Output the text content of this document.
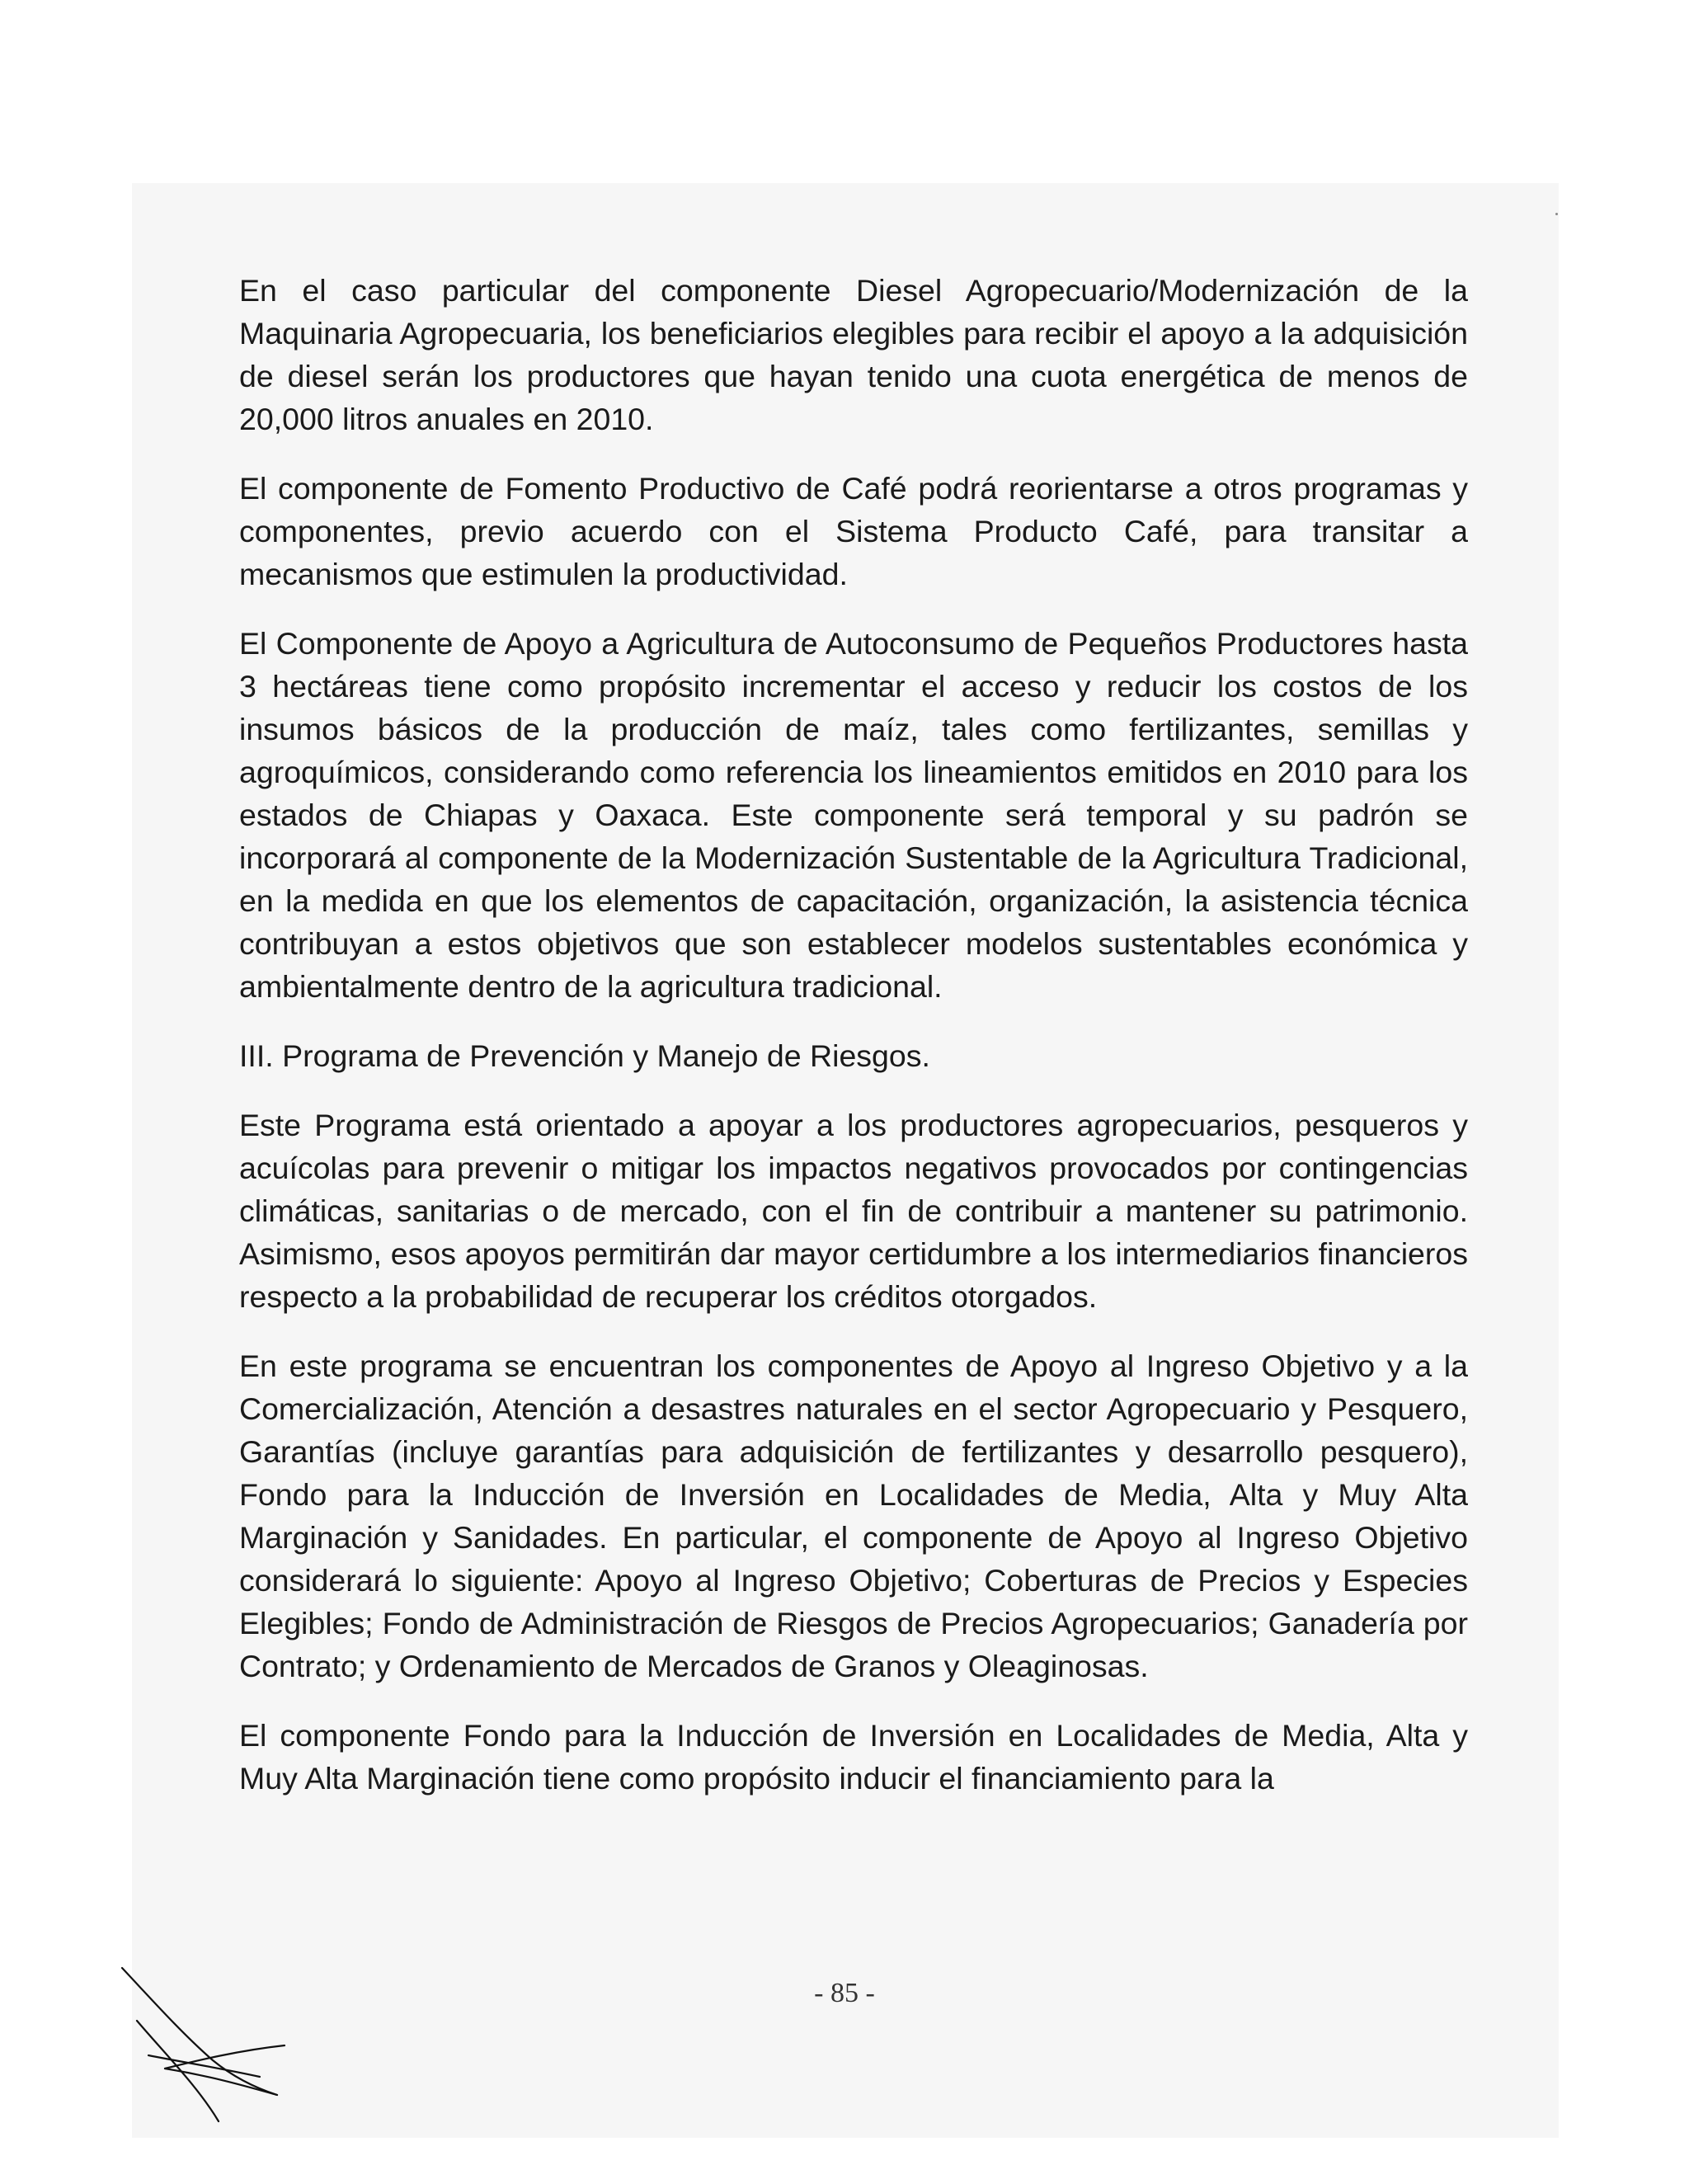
En el caso particular del componente Diesel Agropecuario/Modernización de la Maquinaria Agropecuaria, los beneficiarios elegibles para recibir el apoyo a la adquisición de diesel serán los productores que hayan tenido una cuota energética de menos de 20,000 litros anuales en 2010.

El componente de Fomento Productivo de Café podrá reorientarse a otros programas y componentes, previo acuerdo con el Sistema Producto Café, para transitar a mecanismos que estimulen la productividad.

El Componente de Apoyo a Agricultura de Autoconsumo de Pequeños Productores hasta 3 hectáreas tiene como propósito incrementar el acceso y reducir los costos de los insumos básicos de la producción de maíz, tales como fertilizantes, semillas y agroquímicos, considerando como referencia los lineamientos emitidos en 2010 para los estados de Chiapas y Oaxaca. Este componente será temporal y su padrón se incorporará al componente de la Modernización Sustentable de la Agricultura Tradicional, en la medida en que los elementos de capacitación, organización, la asistencia técnica contribuyan a estos objetivos que son establecer modelos sustentables económica y ambientalmente dentro de la agricultura tradicional.

III. Programa de Prevención y Manejo de Riesgos.

Este Programa está orientado a apoyar a los productores agropecuarios, pesqueros y acuícolas para prevenir o mitigar los impactos negativos provocados por contingencias climáticas, sanitarias o de mercado, con el fin de contribuir a mantener su patrimonio. Asimismo, esos apoyos permitirán dar mayor certidumbre a los intermediarios financieros respecto a la probabilidad de recuperar los créditos otorgados.

En este programa se encuentran los componentes de Apoyo al Ingreso Objetivo y a la Comercialización, Atención a desastres naturales en el sector Agropecuario y Pesquero, Garantías (incluye garantías para adquisición de fertilizantes y desarrollo pesquero), Fondo para la Inducción de Inversión en Localidades de Media, Alta y Muy Alta Marginación y Sanidades. En particular, el componente de Apoyo al Ingreso Objetivo considerará lo siguiente: Apoyo al Ingreso Objetivo; Coberturas de Precios y Especies Elegibles; Fondo de Administración de Riesgos de Precios Agropecuarios; Ganadería por Contrato; y Ordenamiento de Mercados de Granos y Oleaginosas.

El componente Fondo para la Inducción de Inversión en Localidades de Media, Alta y Muy Alta Marginación tiene como propósito inducir el financiamiento para la

- 85 -
